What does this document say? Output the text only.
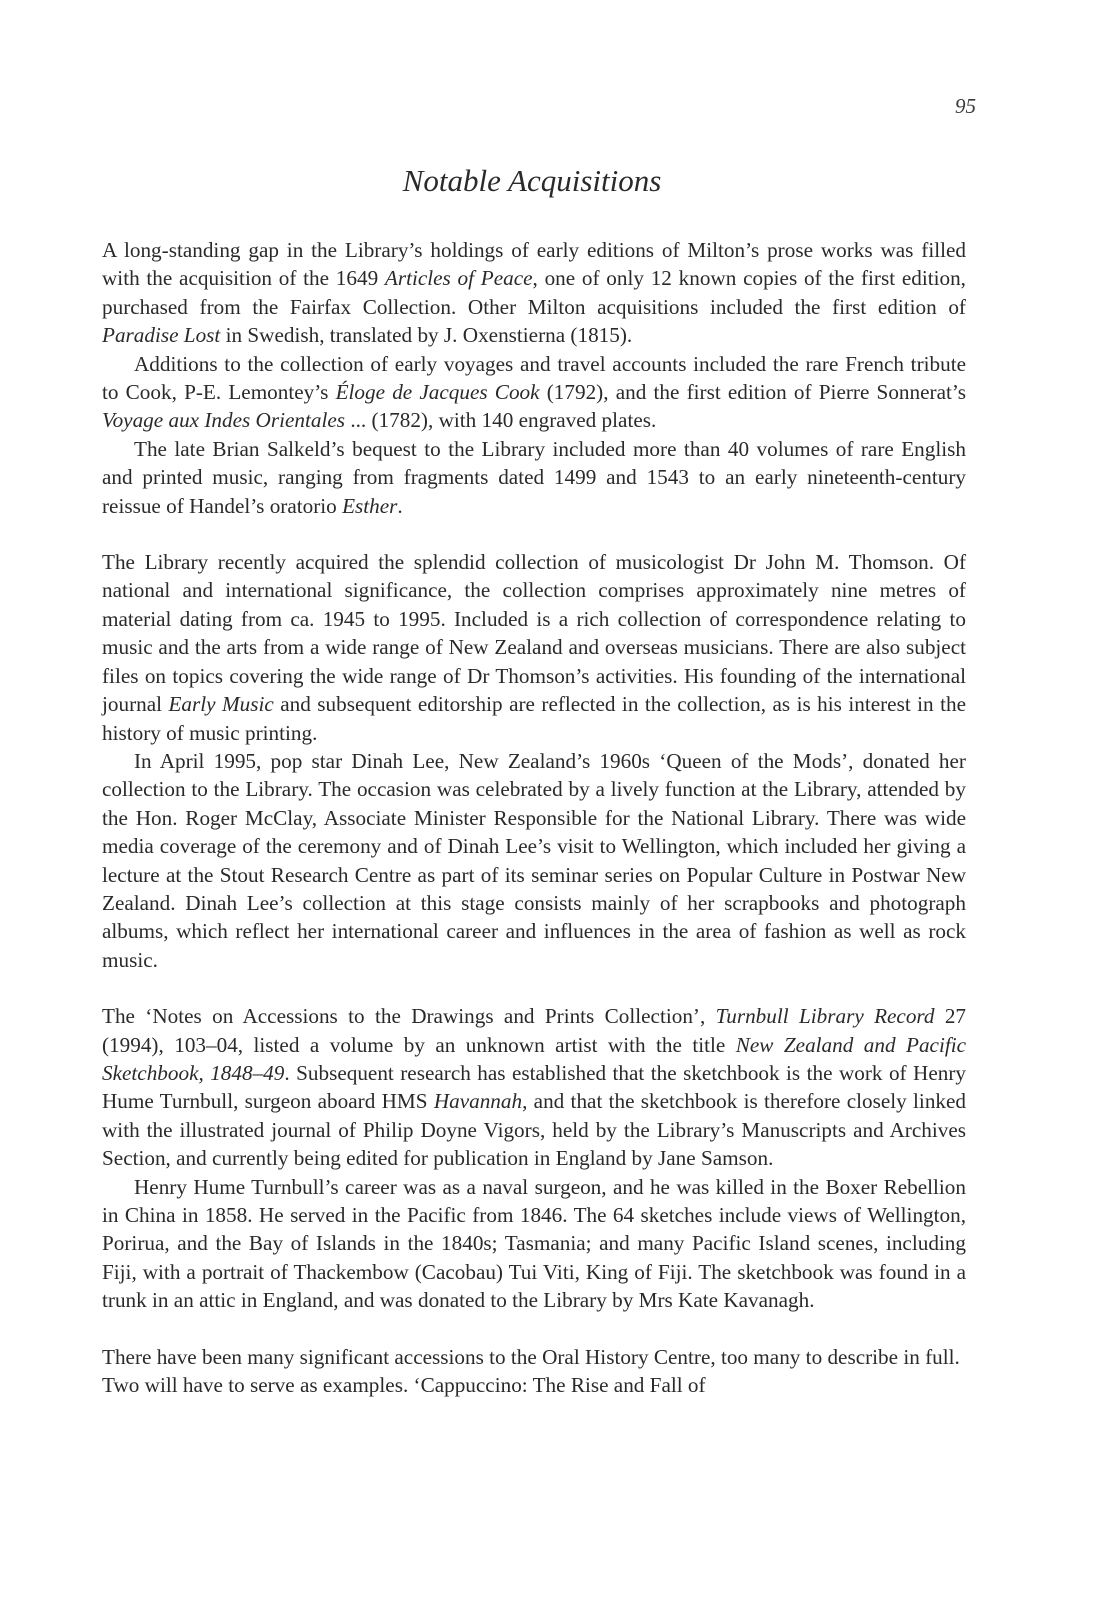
95
Notable Acquisitions

A long-standing gap in the Library’s holdings of early editions of Milton’s prose works was filled with the acquisition of the 1649 Articles of Peace, one of only 12 known copies of the first edition, purchased from the Fairfax Collection. Other Milton acquisitions included the first edition of Paradise Lost in Swedish, translated by J. Oxenstierna (1815).

Additions to the collection of early voyages and travel accounts included the rare French tribute to Cook, P-E. Lemontey’s Éloge de Jacques Cook (1792), and the first edition of Pierre Sonnerat’s Voyage aux Indes Orientales ... (1782), with 140 engraved plates.

The late Brian Salkeld’s bequest to the Library included more than 40 volumes of rare English and printed music, ranging from fragments dated 1499 and 1543 to an early nineteenth-century reissue of Handel’s oratorio Esther.

The Library recently acquired the splendid collection of musicologist Dr John M. Thomson. Of national and international significance, the collection comprises approximately nine metres of material dating from ca. 1945 to 1995. Included is a rich collection of correspondence relating to music and the arts from a wide range of New Zealand and overseas musicians. There are also subject files on topics covering the wide range of Dr Thomson’s activities. His founding of the international journal Early Music and subsequent editorship are reflected in the collection, as is his interest in the history of music printing.

In April 1995, pop star Dinah Lee, New Zealand’s 1960s ‘Queen of the Mods’, donated her collection to the Library. The occasion was celebrated by a lively function at the Library, attended by the Hon. Roger McClay, Associate Minister Responsible for the National Library. There was wide media coverage of the ceremony and of Dinah Lee’s visit to Wellington, which included her giving a lecture at the Stout Research Centre as part of its seminar series on Popular Culture in Postwar New Zealand. Dinah Lee’s collection at this stage consists mainly of her scrapbooks and photograph albums, which reflect her international career and influences in the area of fashion as well as rock music.

The ‘Notes on Accessions to the Drawings and Prints Collection’, Turnbull Library Record 27 (1994), 103–04, listed a volume by an unknown artist with the title New Zealand and Pacific Sketchbook, 1848–49. Subsequent research has established that the sketchbook is the work of Henry Hume Turnbull, surgeon aboard HMS Havannah, and that the sketchbook is therefore closely linked with the illustrated journal of Philip Doyne Vigors, held by the Library’s Manuscripts and Archives Section, and currently being edited for publication in England by Jane Samson.

Henry Hume Turnbull’s career was as a naval surgeon, and he was killed in the Boxer Rebellion in China in 1858. He served in the Pacific from 1846. The 64 sketches include views of Wellington, Porirua, and the Bay of Islands in the 1840s; Tasmania; and many Pacific Island scenes, including Fiji, with a portrait of Thackembow (Cacobau) Tui Viti, King of Fiji. The sketchbook was found in a trunk in an attic in England, and was donated to the Library by Mrs Kate Kavanagh.

There have been many significant accessions to the Oral History Centre, too many to describe in full. Two will have to serve as examples. ‘Cappuccino: The Rise and Fall of
